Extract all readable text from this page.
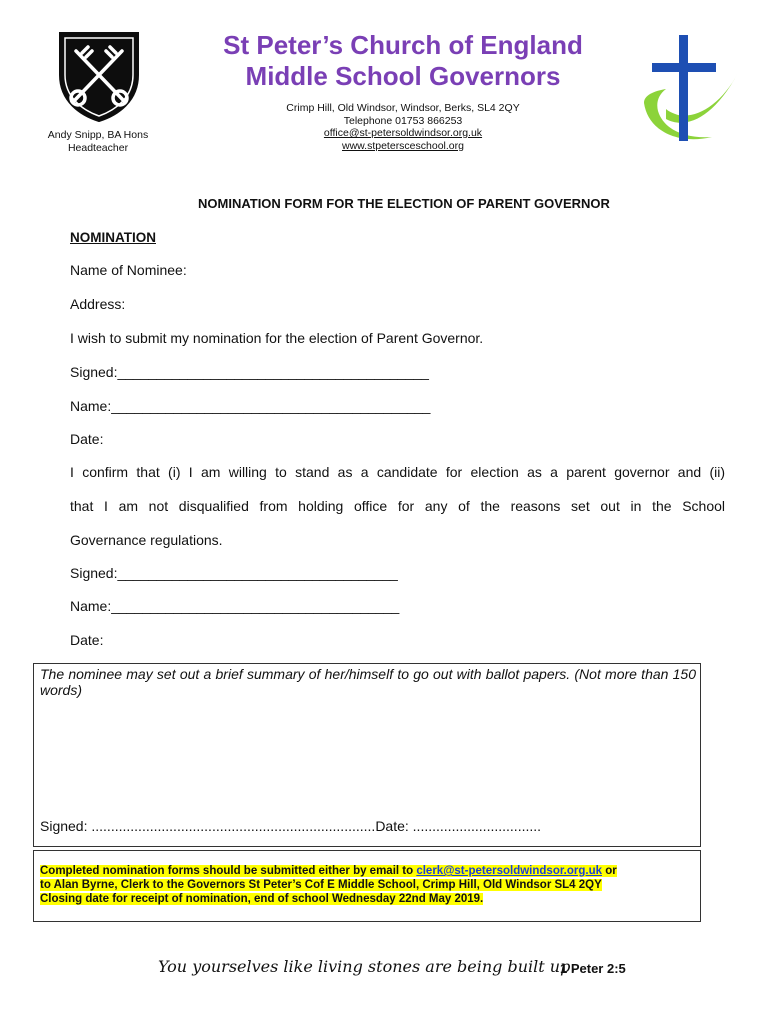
Andy Snipp, BA Hons
Headteacher
St Peter’s Church of England
Middle School Governors
Crimp Hill, Old Windsor, Windsor, Berks, SL4 2QY
Telephone 01753 866253
office@st-petersoldwindsor.org.uk
www.stpetersceschool.org
NOMINATION FORM FOR THE ELECTION OF PARENT GOVERNOR
NOMINATION
Name of Nominee:
Address:
I wish to submit my nomination for the election of Parent Governor.
Signed:________________________________________
Name:_________________________________________
Date:
I confirm that (i) I am willing to stand as a candidate for election as a parent governor and (ii)
that I am not disqualified from holding office for any of the reasons set out in the School
Governance regulations.
Signed:____________________________________
Name:_____________________________________
Date:
The nominee may set out a brief summary of her/himself to go out with ballot papers. (Not more than 150 words)
Signed: .........................................................................Date: .................................
Completed nomination forms should be submitted either by email to clerk@st-petersoldwindsor.org.uk or
to Alan Byrne, Clerk to the Governors St Peter’s Cof E Middle School, Crimp Hill, Old Windsor SL4 2QY
Closing date for receipt of nomination, end of school Wednesday 22nd May 2019.
You yourselves like living stones are being built up.
1 Peter 2:5
